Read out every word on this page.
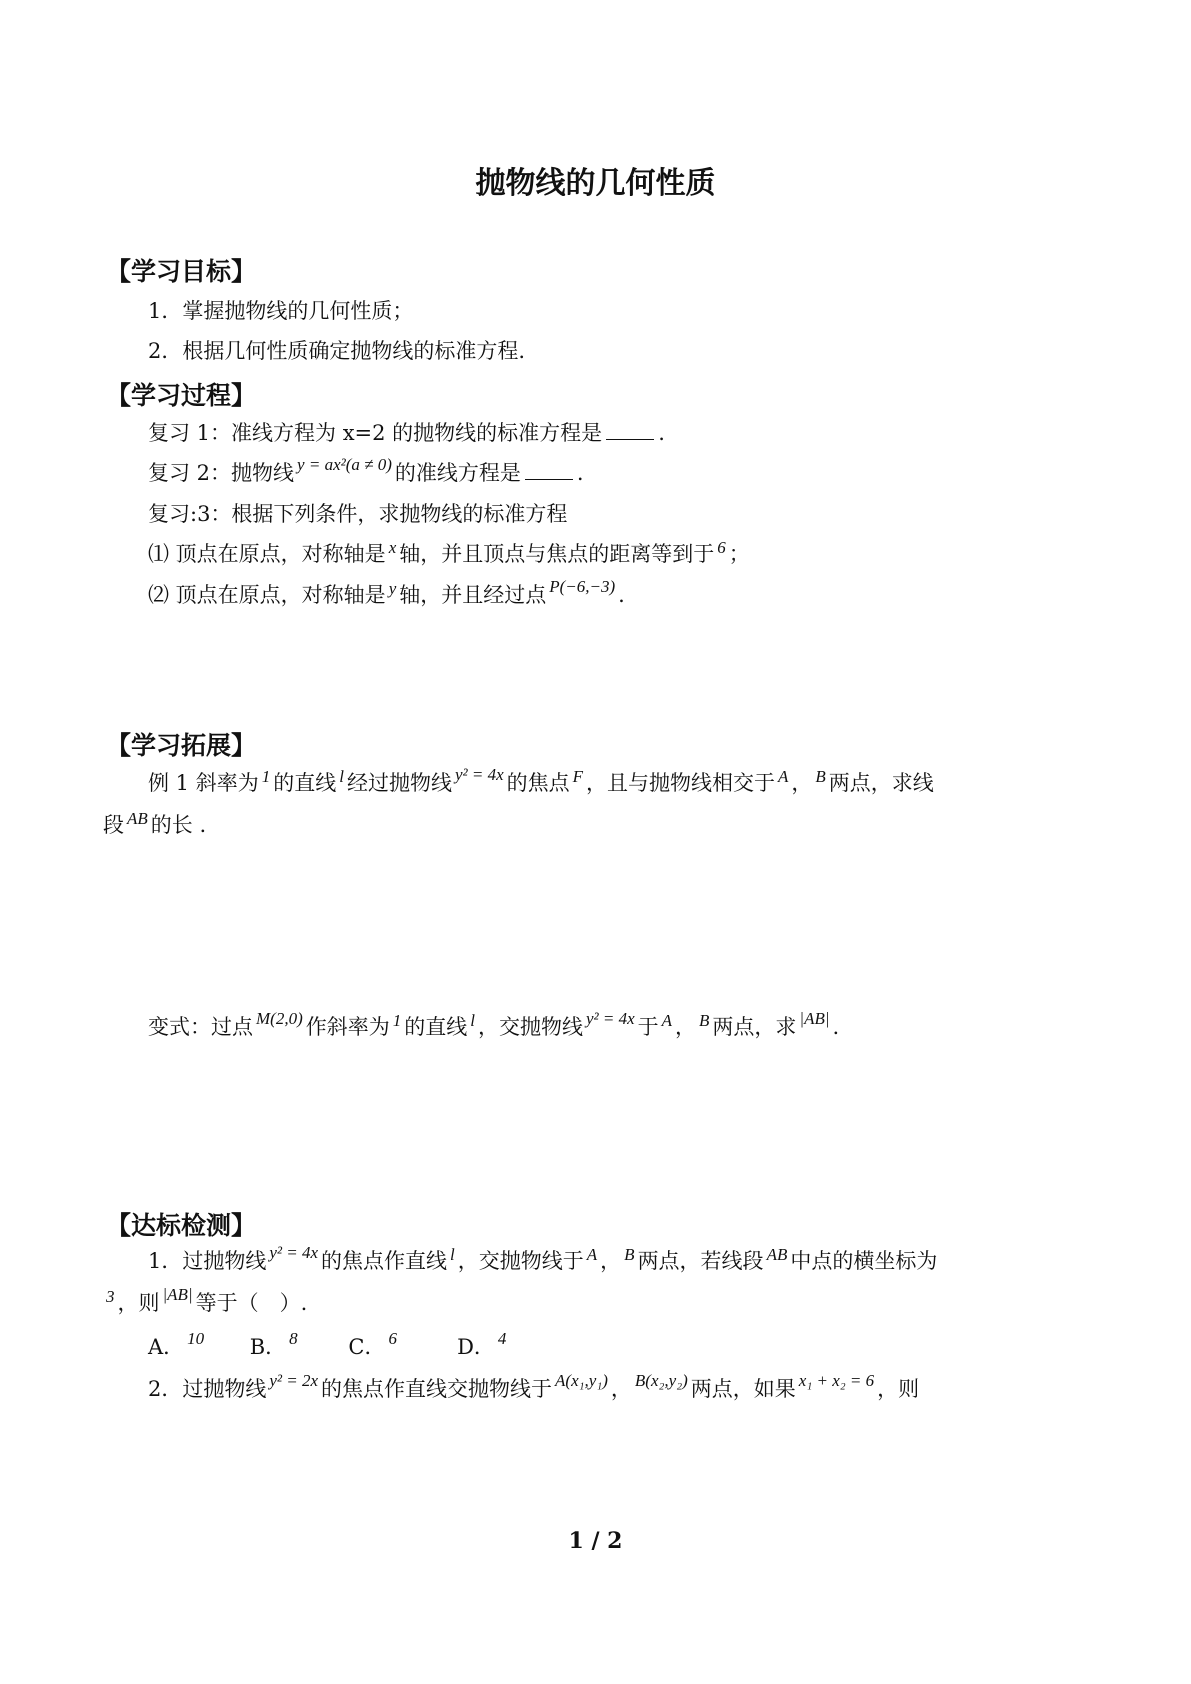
抛物线的几何性质
【学习目标】
1．掌握抛物线的几何性质；
2．根据几何性质确定抛物线的标准方程.
【学习过程】
复习 1：准线方程为 x=2 的抛物线的标准方程是	.
复习 2：抛物线 $^{y = ax^2(a \ne 0)}$ 的准线方程是	.
复习:3：根据下列条件，求抛物线的标准方程
⑴ 顶点在原点，对称轴是 $^x$ 轴，并且顶点与焦点的距离等到于 $^6$ ；
⑵ 顶点在原点，对称轴是 $^y$ 轴，并且经过点 $^{P(-6,-3)}$ .
【学习拓展】
例 1 斜率为 $^1$ 的直线 $^l$ 经过抛物线 $^{y^2 = 4x}$ 的焦点 $^F$ ，且与抛物线相交于 $^A$ ， $^B$ 两点，求线
段 $^{AB}$ 的长 .
变式：过点 $^{M(2,0)}$ 作斜率为 $^1$ 的直线 $^l$ ，交抛物线 $^{y^2 = 4x}$ 于 $^A$ ， $^B$ 两点，求 $^{|AB|}$ .
【达标检测】
1．过抛物线 $^{y^2 = 4x}$ 的焦点作直线 $^l$ ，交抛物线于 $^A$ ， $^B$ 两点，若线段 $^{AB}$ 中点的横坐标为
$^3$ ，则 $^{|AB|}$ 等于（　）.
A． $^{10}$ B． $^8$ C． $^6$	D． $^4$
2．过抛物线 $^{y^2 = 2x}$ 的焦点作直线交抛物线于 $^{A(x_1,y_1)}$ ， $^{B(x_2,y_2)}$ 两点，如果 $^{x_1 + x_2 = 6}$ ，则
1 / 2
